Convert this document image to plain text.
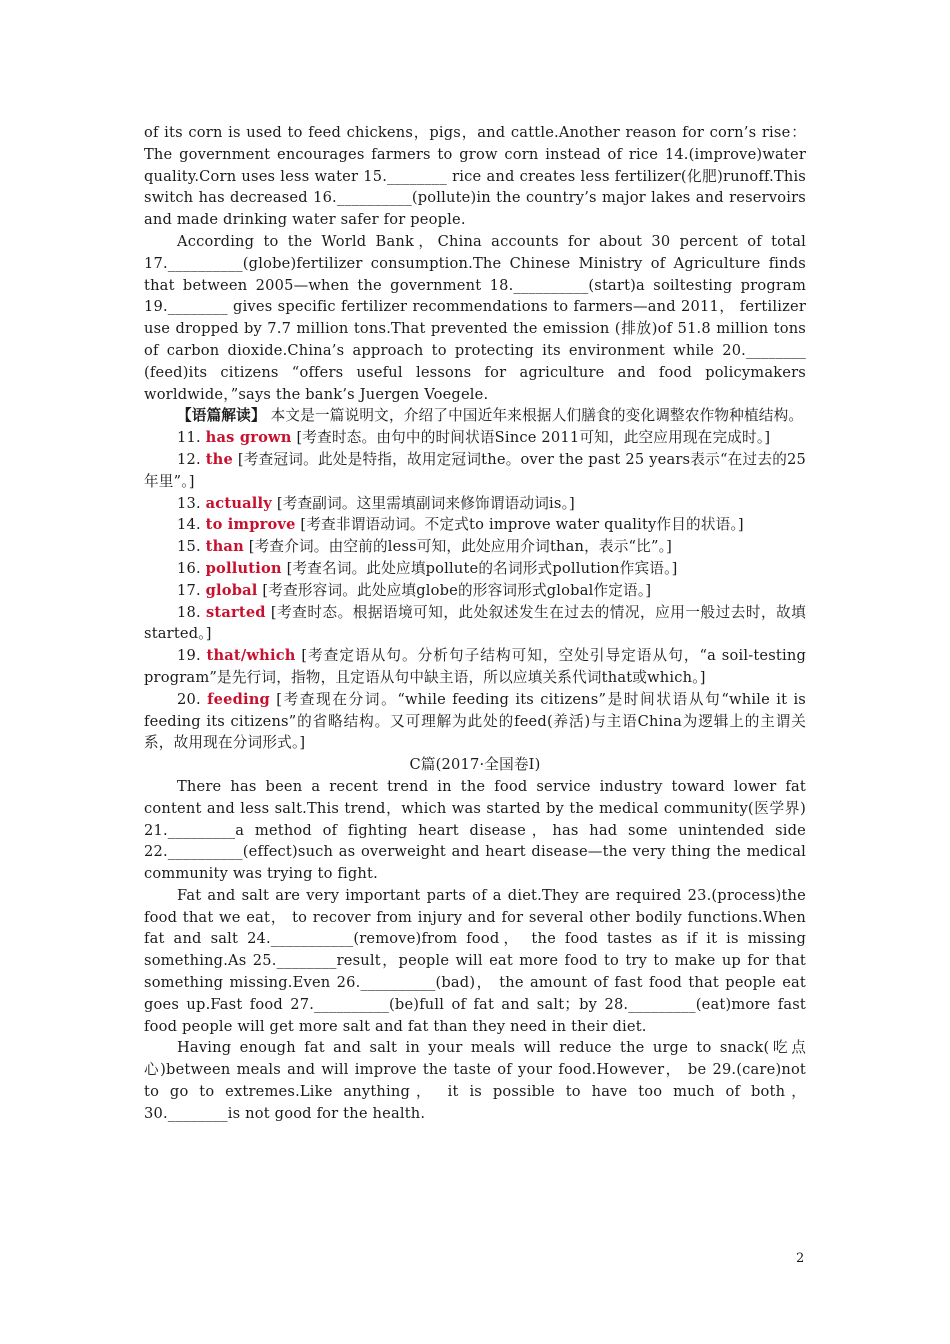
of its corn is used to feed chickens，pigs，and cattle.Another reason for corn’s rise： The government encourages farmers to grow corn instead of rice 14.(improve)water quality.Corn uses less water 15.________ rice and creates less fertilizer(化肥)runoff.This switch has decreased 16.__________(pollute)in the country’s major lakes and reservoirs and made drinking water safer for people.

According to the World Bank，China accounts for about 30 percent of total 17.__________(globe)fertilizer consumption.The Chinese Ministry of Agriculture finds that between 2005—when the government 18.__________(start)a soiltesting program 19.________ gives specific fertilizer recommendations to farmers—and 2011， fertilizer use dropped by 7.7 million tons.That prevented the emission (排放)of 51.8 million tons of carbon dioxide.China’s approach to protecting its environment while 20.________ (feed)its citizens “offers useful lessons for agriculture and food policymakers worldwide，”says the bank’s Juergen Voegele.

【语篇解读】 本文是一篇说明文，介绍了中国近年来根据人们膳食的变化调整农作物种植结构。

11. has grown [考查时态。由句中的时间状语Since 2011可知，此空应用现在完成时。]

12. the [考查冠词。此处是特指，故用定冠词the。over the past 25 years表示“在过去的25年里”。]

13. actually [考查副词。这里需填副词来修饰谓语动词is。]

14. to improve [考查非谓语动词。不定式to improve water quality作目的状语。]

15. than [考查介词。由空前的less可知，此处应用介词than，表示“比”。]

16. pollution [考查名词。此处应填pollute的名词形式pollution作宾语。]

17. global [考查形容词。此处应填globe的形容词形式global作定语。]

18. started [考查时态。根据语境可知，此处叙述发生在过去的情况，应用一般过去时，故填started。]

19. that/which [考查定语从句。分析句子结构可知，空处引导定语从句，“a soil-testing program”是先行词，指物，且定语从句中缺主语，所以应填关系代词that或which。]

20. feeding [考查现在分词。“while feeding its citizens”是时间状语从句“while it is feeding its citizens”的省略结构。又可理解为此处的feed(养活)与主语China为逻辑上的主谓关系，故用现在分词形式。]

C篇(2017·全国卷Ⅰ)

There has been a recent trend in the food service industry toward lower fat content and less salt.This trend，which was started by the medical community(医学界) 21._________a method of fighting heart disease，has had some unintended side 22.__________(effect)such as overweight and heart disease—the very thing the medical community was trying to fight.

Fat and salt are very important parts of a diet.They are required 23.(process)the food that we eat， to recover from injury and for several other bodily functions.When fat and salt 24.___________(remove)from food， the food tastes as if it is missing something.As 25.________result，people will eat more food to try to make up for that something missing.Even 26.__________(bad)， the amount of fast food that people eat goes up.Fast food 27.__________(be)full of fat and salt；by 28._________(eat)more fast food people will get more salt and fat than they need in their diet.

Having enough fat and salt in your meals will reduce the urge to snack(吃点心)between meals and will improve the taste of your food.However， be 29.(care)not to go to extremes.Like anything， it is possible to have too much of both，30.________is not good for the health.

2
